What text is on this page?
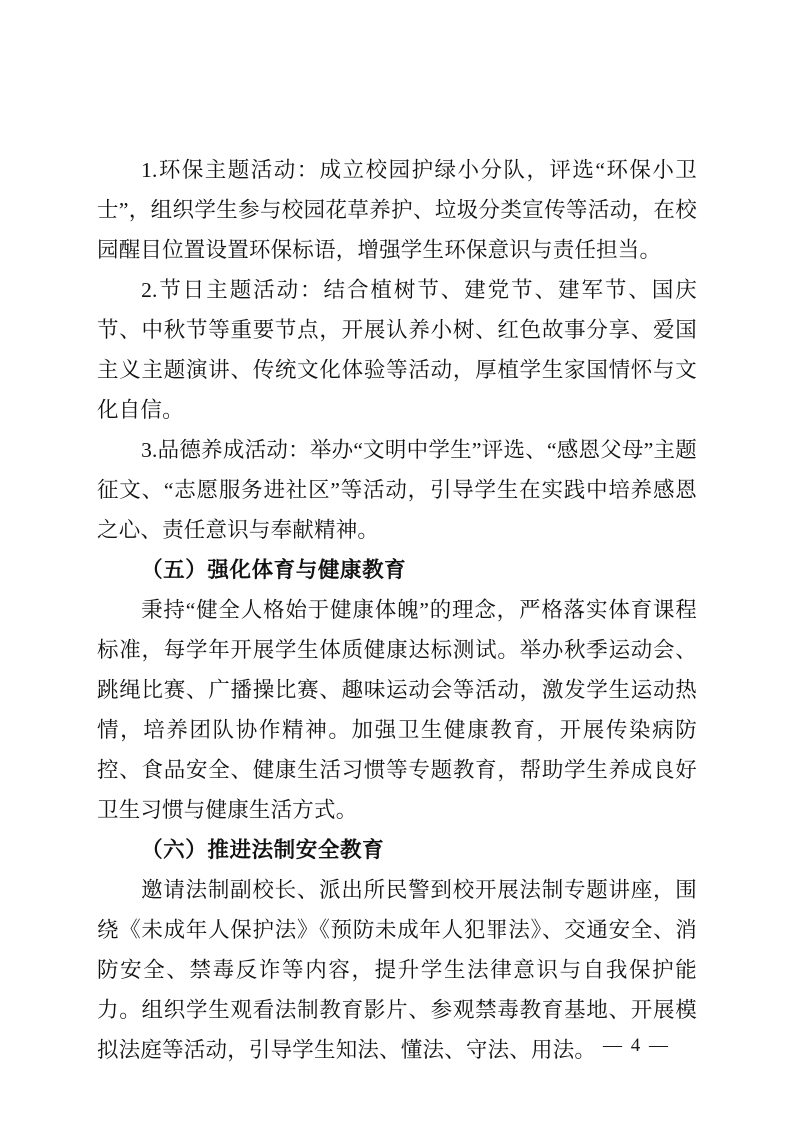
1.环保主题活动：成立校园护绿小分队，评选“环保小卫士”，组织学生参与校园花草养护、垃圾分类宣传等活动，在校园醒目位置设置环保标语，增强学生环保意识与责任担当。

2.节日主题活动：结合植树节、建党节、建军节、国庆节、中秋节等重要节点，开展认养小树、红色故事分享、爱国主义主题演讲、传统文化体验等活动，厚植学生家国情怀与文化自信。

3.品德养成活动：举办“文明中学生”评选、“感恩父母”主题征文、“志愿服务进社区”等活动，引导学生在实践中培养感恩之心、责任意识与奉献精神。

（五）强化体育与健康教育

秉持“健全人格始于健康体魄”的理念，严格落实体育课程标准，每学年开展学生体质健康达标测试。举办秋季运动会、跳绳比赛、广播操比赛、趣味运动会等活动，激发学生运动热情，培养团队协作精神。加强卫生健康教育，开展传染病防控、食品安全、健康生活习惯等专题教育，帮助学生养成良好卫生习惯与健康生活方式。

（六）推进法制安全教育

邀请法制副校长、派出所民警到校开展法制专题讲座，围绕《未成年人保护法》《预防未成年人犯罪法》、交通安全、消防安全、禁毒反诈等内容，提升学生法律意识与自我保护能力。组织学生观看法制教育影片、参观禁毒教育基地、开展模拟法庭等活动，引导学生知法、懂法、守法、用法。 — 4 —
